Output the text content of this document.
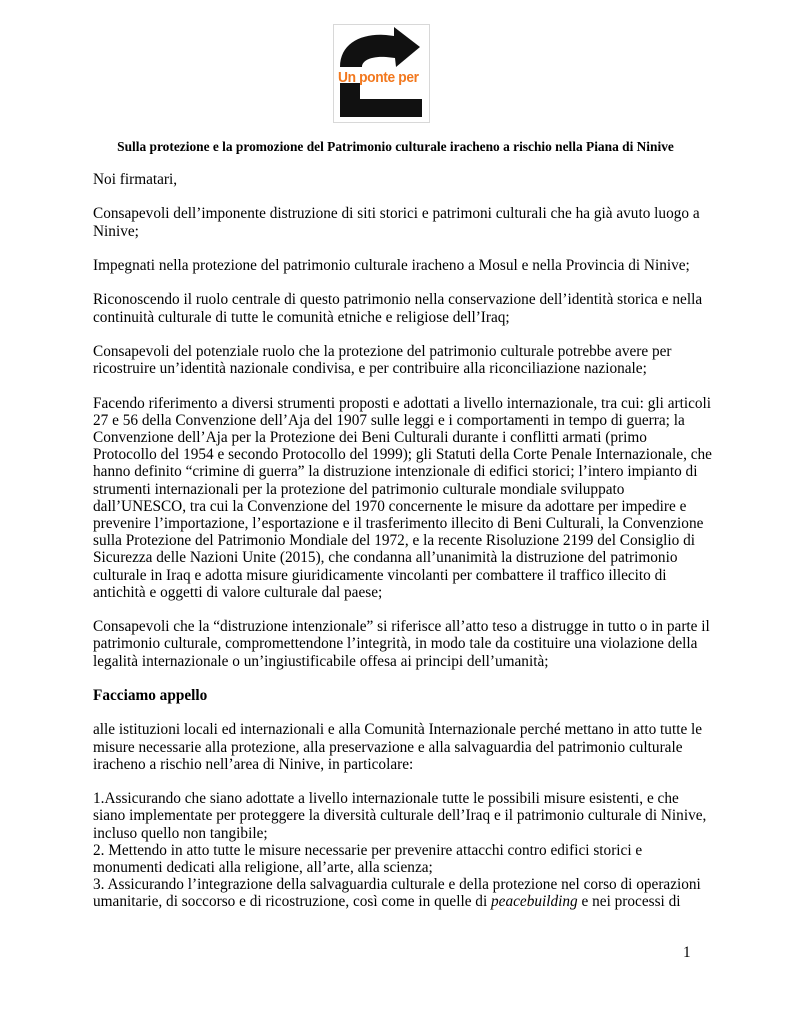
Un ponte per
Sulla protezione e la promozione del Patrimonio culturale iracheno a rischio nella Piana di Ninive

Noi firmatari,

Consapevoli dell’imponente distruzione di siti storici e patrimoni culturali che ha già avuto luogo a Ninive;

Impegnati nella protezione del patrimonio culturale iracheno a Mosul e nella Provincia di Ninive;

Riconoscendo il ruolo centrale di questo patrimonio nella conservazione dell’identità storica e nella continuità culturale di tutte le comunità etniche e religiose dell’Iraq;

Consapevoli del potenziale ruolo che la protezione del patrimonio culturale potrebbe avere per ricostruire un’identità nazionale condivisa, e per contribuire alla riconciliazione nazionale;

Facendo riferimento a diversi strumenti proposti e adottati a livello internazionale, tra cui: gli articoli 27 e 56 della Convenzione dell’Aja del 1907 sulle leggi e i comportamenti in tempo di guerra; la Convenzione dell’Aja per la Protezione dei Beni Culturali durante i conflitti armati (primo Protocollo del 1954 e secondo Protocollo del 1999); gli Statuti della Corte Penale Internazionale, che hanno definito “crimine di guerra” la distruzione intenzionale di edifici storici; l’intero impianto di strumenti internazionali per la protezione del patrimonio culturale mondiale sviluppato dall’UNESCO, tra cui la Convenzione del 1970 concernente le misure da adottare per impedire e prevenire l’importazione, l’esportazione e il trasferimento illecito di Beni Culturali, la Convenzione sulla Protezione del Patrimonio Mondiale del 1972, e la recente Risoluzione 2199 del Consiglio di Sicurezza delle Nazioni Unite (2015), che condanna all’unanimità la distruzione del patrimonio culturale in Iraq e adotta misure giuridicamente vincolanti per combattere il traffico illecito di antichità e oggetti di valore culturale dal paese;

Consapevoli che la “distruzione intenzionale” si riferisce all’atto teso a distrugge in tutto o in parte il patrimonio culturale, compromettendone l’integrità, in modo tale da costituire una violazione della legalità internazionale o un’ingiustificabile offesa ai principi dell’umanità;

Facciamo appello

alle istituzioni locali ed internazionali e alla Comunità Internazionale perché mettano in atto tutte le misure necessarie alla protezione, alla preservazione e alla salvaguardia del patrimonio culturale iracheno a rischio nell’area di Ninive, in particolare:

1.Assicurando che siano adottate a livello internazionale tutte le possibili misure esistenti, e che siano implementate per proteggere la diversità culturale dell’Iraq e il patrimonio culturale di Ninive, incluso quello non tangibile;
2. Mettendo in atto tutte le misure necessarie per prevenire attacchi contro edifici storici e monumenti dedicati alla religione, all’arte, alla scienza;
3. Assicurando l’integrazione della salvaguardia culturale e della protezione nel corso di operazioni umanitarie, di soccorso e di ricostruzione, così come in quelle di peacebuilding e nei processi di
1
